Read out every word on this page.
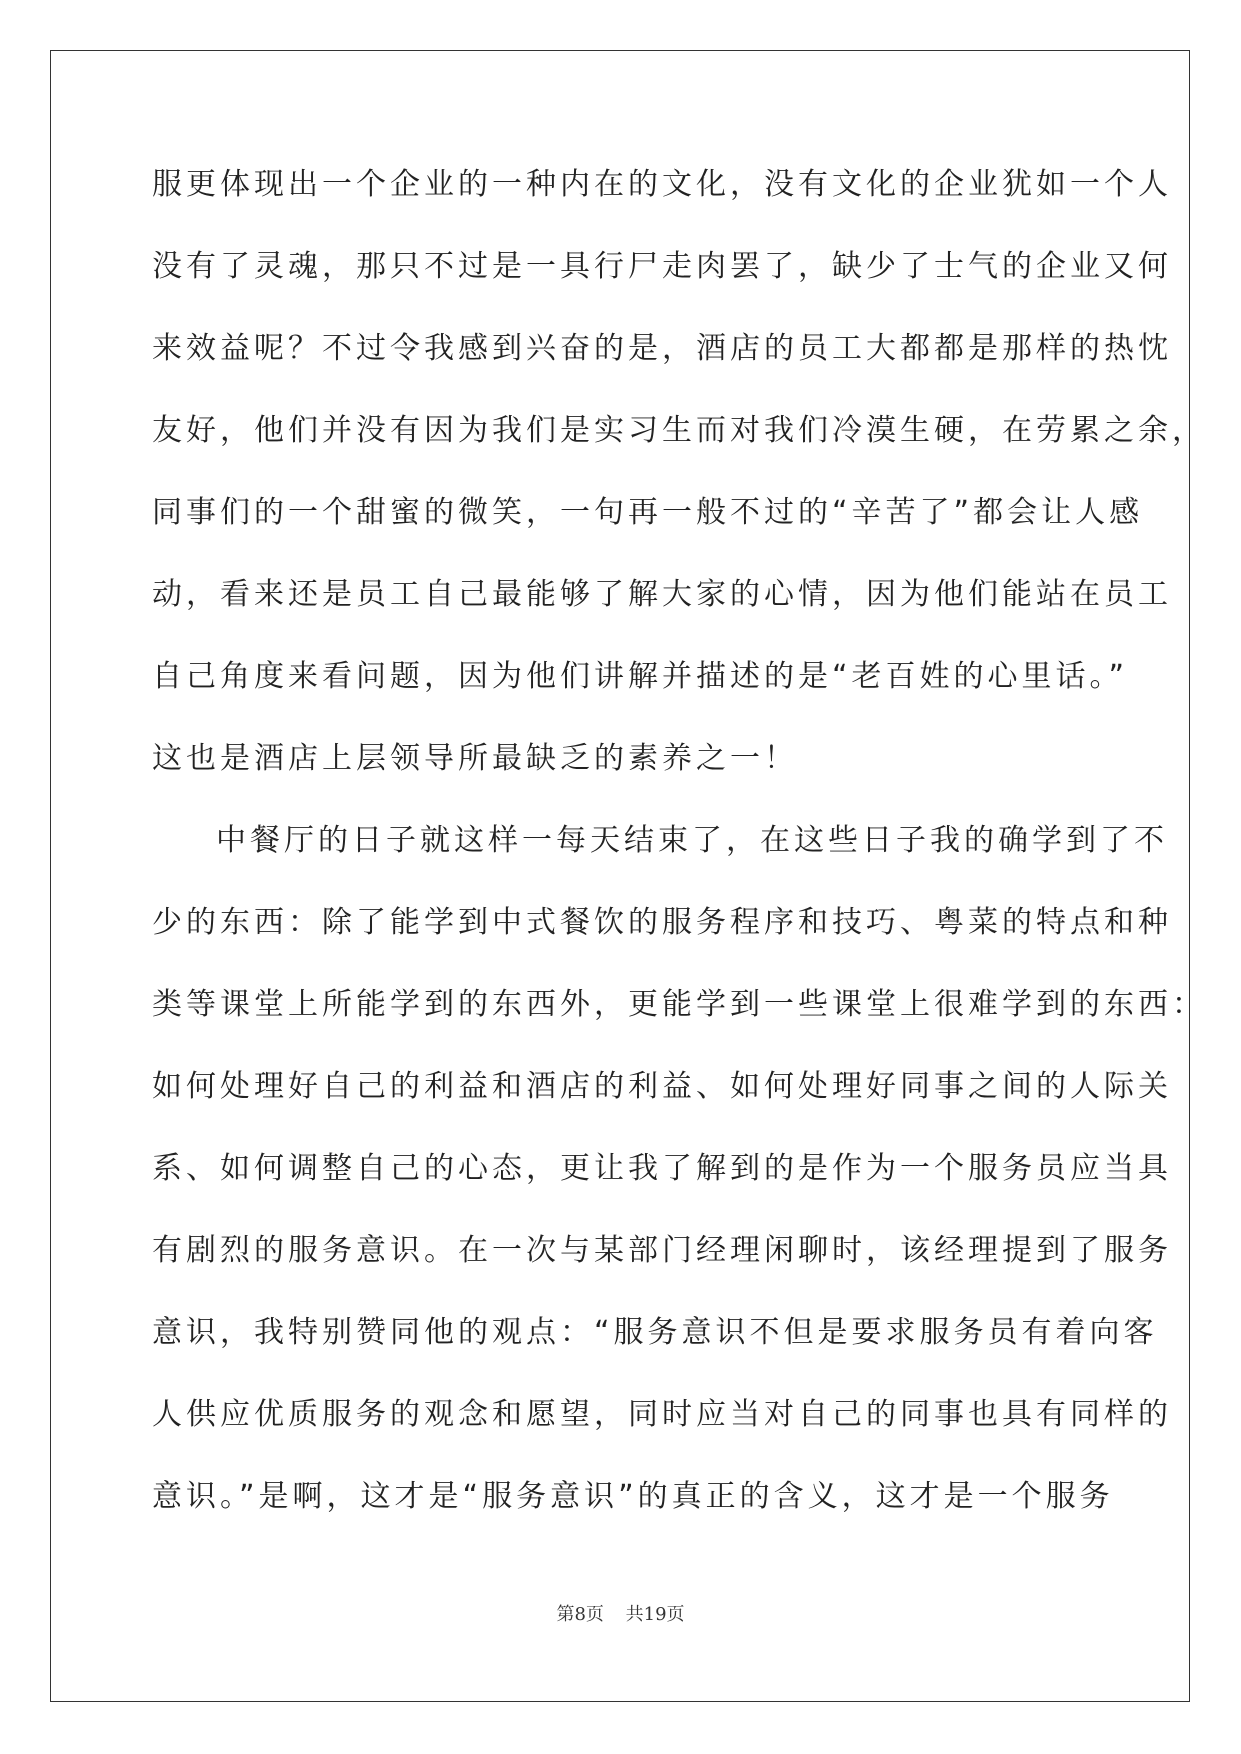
服更体现出一个企业的一种内在的文化，没有文化的企业犹如一个人
没有了灵魂，那只不过是一具行尸走肉罢了，缺少了士气的企业又何
来效益呢？不过令我感到兴奋的是，酒店的员工大都都是那样的热忱
友好，他们并没有因为我们是实习生而对我们冷漠生硬，在劳累之余，
同事们的一个甜蜜的微笑，一句再一般不过的“辛苦了”都会让人感
动，看来还是员工自己最能够了解大家的心情，因为他们能站在员工
自己角度来看问题，因为他们讲解并描述的是“老百姓的心里话。”
这也是酒店上层领导所最缺乏的素养之一！
中餐厅的日子就这样一每天结束了，在这些日子我的确学到了不
少的东西：除了能学到中式餐饮的服务程序和技巧、粤菜的特点和种
类等课堂上所能学到的东西外，更能学到一些课堂上很难学到的东西：
如何处理好自己的利益和酒店的利益、如何处理好同事之间的人际关
系、如何调整自己的心态，更让我了解到的是作为一个服务员应当具
有剧烈的服务意识。在一次与某部门经理闲聊时，该经理提到了服务
意识，我特别赞同他的观点：“服务意识不但是要求服务员有着向客
人供应优质服务的观念和愿望，同时应当对自己的同事也具有同样的
意识。”是啊，这才是“服务意识”的真正的含义，这才是一个服务
第8页 共19页
